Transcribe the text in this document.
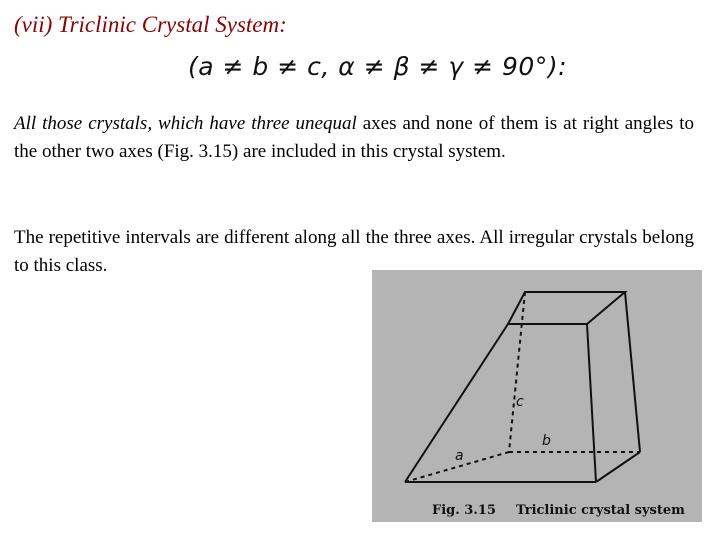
(vii) Triclinic Crystal System:
(a ≠ b ≠ c, α ≠ β ≠ γ ≠ 90°):

All those crystals, which have three unequal axes and none of them is at right angles to the other two axes (Fig. 3.15) are included in this crystal system.

The repetitive intervals are different along all the three axes. All irregular crystals belong to this class.

c
b
a
Fig. 3.15 Triclinic crystal system
